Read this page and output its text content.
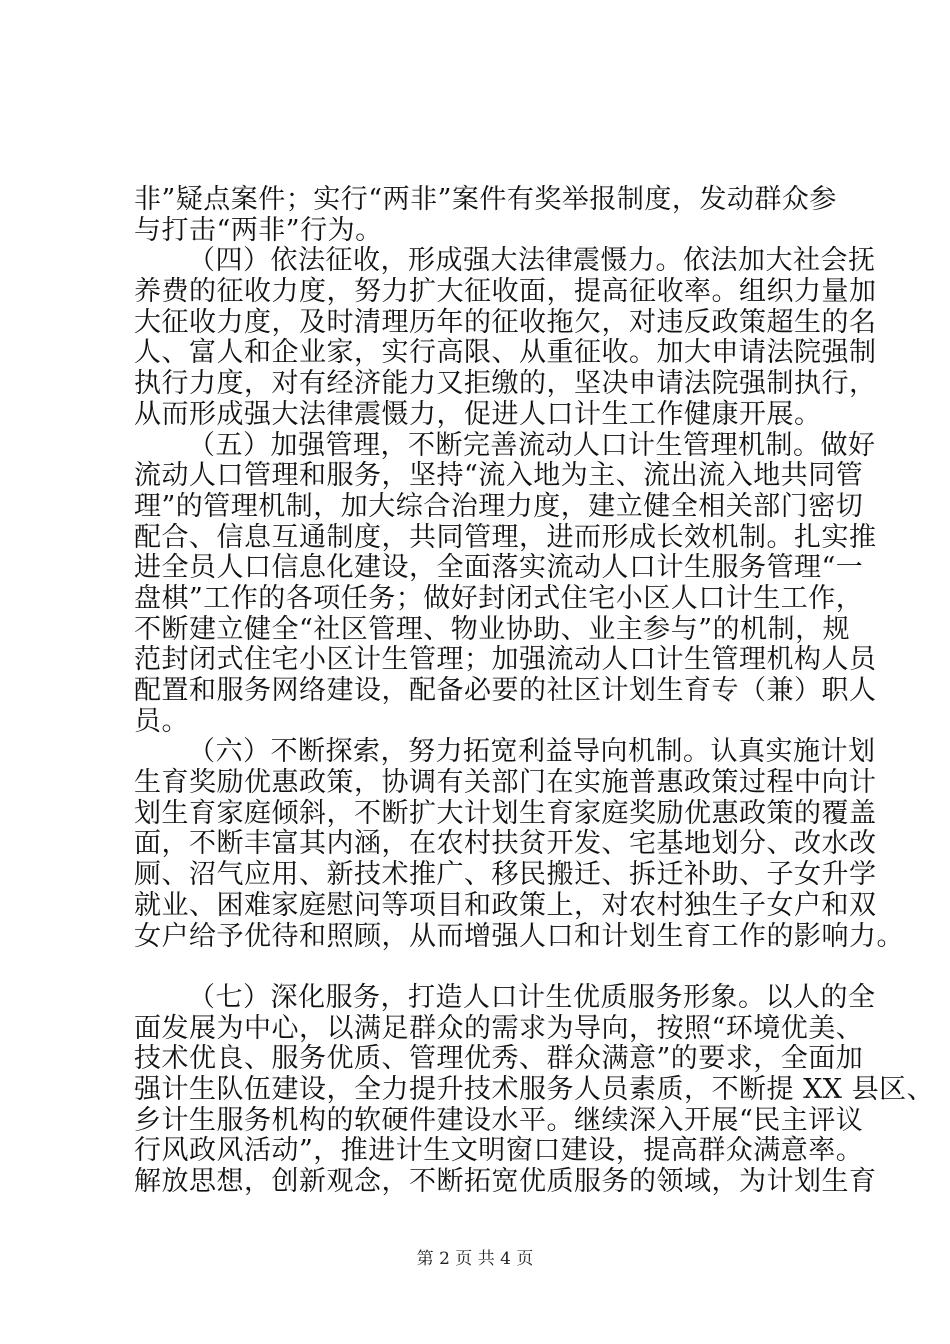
非”疑点案件；实行“两非”案件有奖举报制度，发动群众参
与打击“两非”行为。
（四）依法征收，形成强大法律震慑力。依法加大社会抚
养费的征收力度，努力扩大征收面，提高征收率。组织力量加
大征收力度，及时清理历年的征收拖欠，对违反政策超生的名
人、富人和企业家，实行高限、从重征收。加大申请法院强制
执行力度，对有经济能力又拒缴的，坚决申请法院强制执行，
从而形成强大法律震慑力，促进人口计生工作健康开展。
（五）加强管理，不断完善流动人口计生管理机制。做好
流动人口管理和服务，坚持“流入地为主、流出流入地共同管
理”的管理机制，加大综合治理力度，建立健全相关部门密切
配合、信息互通制度，共同管理，进而形成长效机制。扎实推
进全员人口信息化建设，全面落实流动人口计生服务管理“一
盘棋”工作的各项任务；做好封闭式住宅小区人口计生工作，
不断建立健全“社区管理、物业协助、业主参与”的机制，规
范封闭式住宅小区计生管理；加强流动人口计生管理机构人员
配置和服务网络建设，配备必要的社区计划生育专（兼）职人
员。
（六）不断探索，努力拓宽利益导向机制。认真实施计划
生育奖励优惠政策，协调有关部门在实施普惠政策过程中向计
划生育家庭倾斜，不断扩大计划生育家庭奖励优惠政策的覆盖
面，不断丰富其内涵，在农村扶贫开发、宅基地划分、改水改
厕、沼气应用、新技术推广、移民搬迁、拆迁补助、子女升学
就业、困难家庭慰问等项目和政策上，对农村独生子女户和双
女户给予优待和照顾，从而增强人口和计划生育工作的影响力。
（七）深化服务，打造人口计生优质服务形象。以人的全
面发展为中心，以满足群众的需求为导向，按照“环境优美、
技术优良、服务优质、管理优秀、群众满意”的要求，全面加
强计生队伍建设，全力提升技术服务人员素质，不断提 XX 县区、
乡计生服务机构的软硬件建设水平。继续深入开展“民主评议
行风政风活动”，推进计生文明窗口建设，提高群众满意率。
解放思想，创新观念，不断拓宽优质服务的领域，为计划生育
第 2 页 共 4 页
